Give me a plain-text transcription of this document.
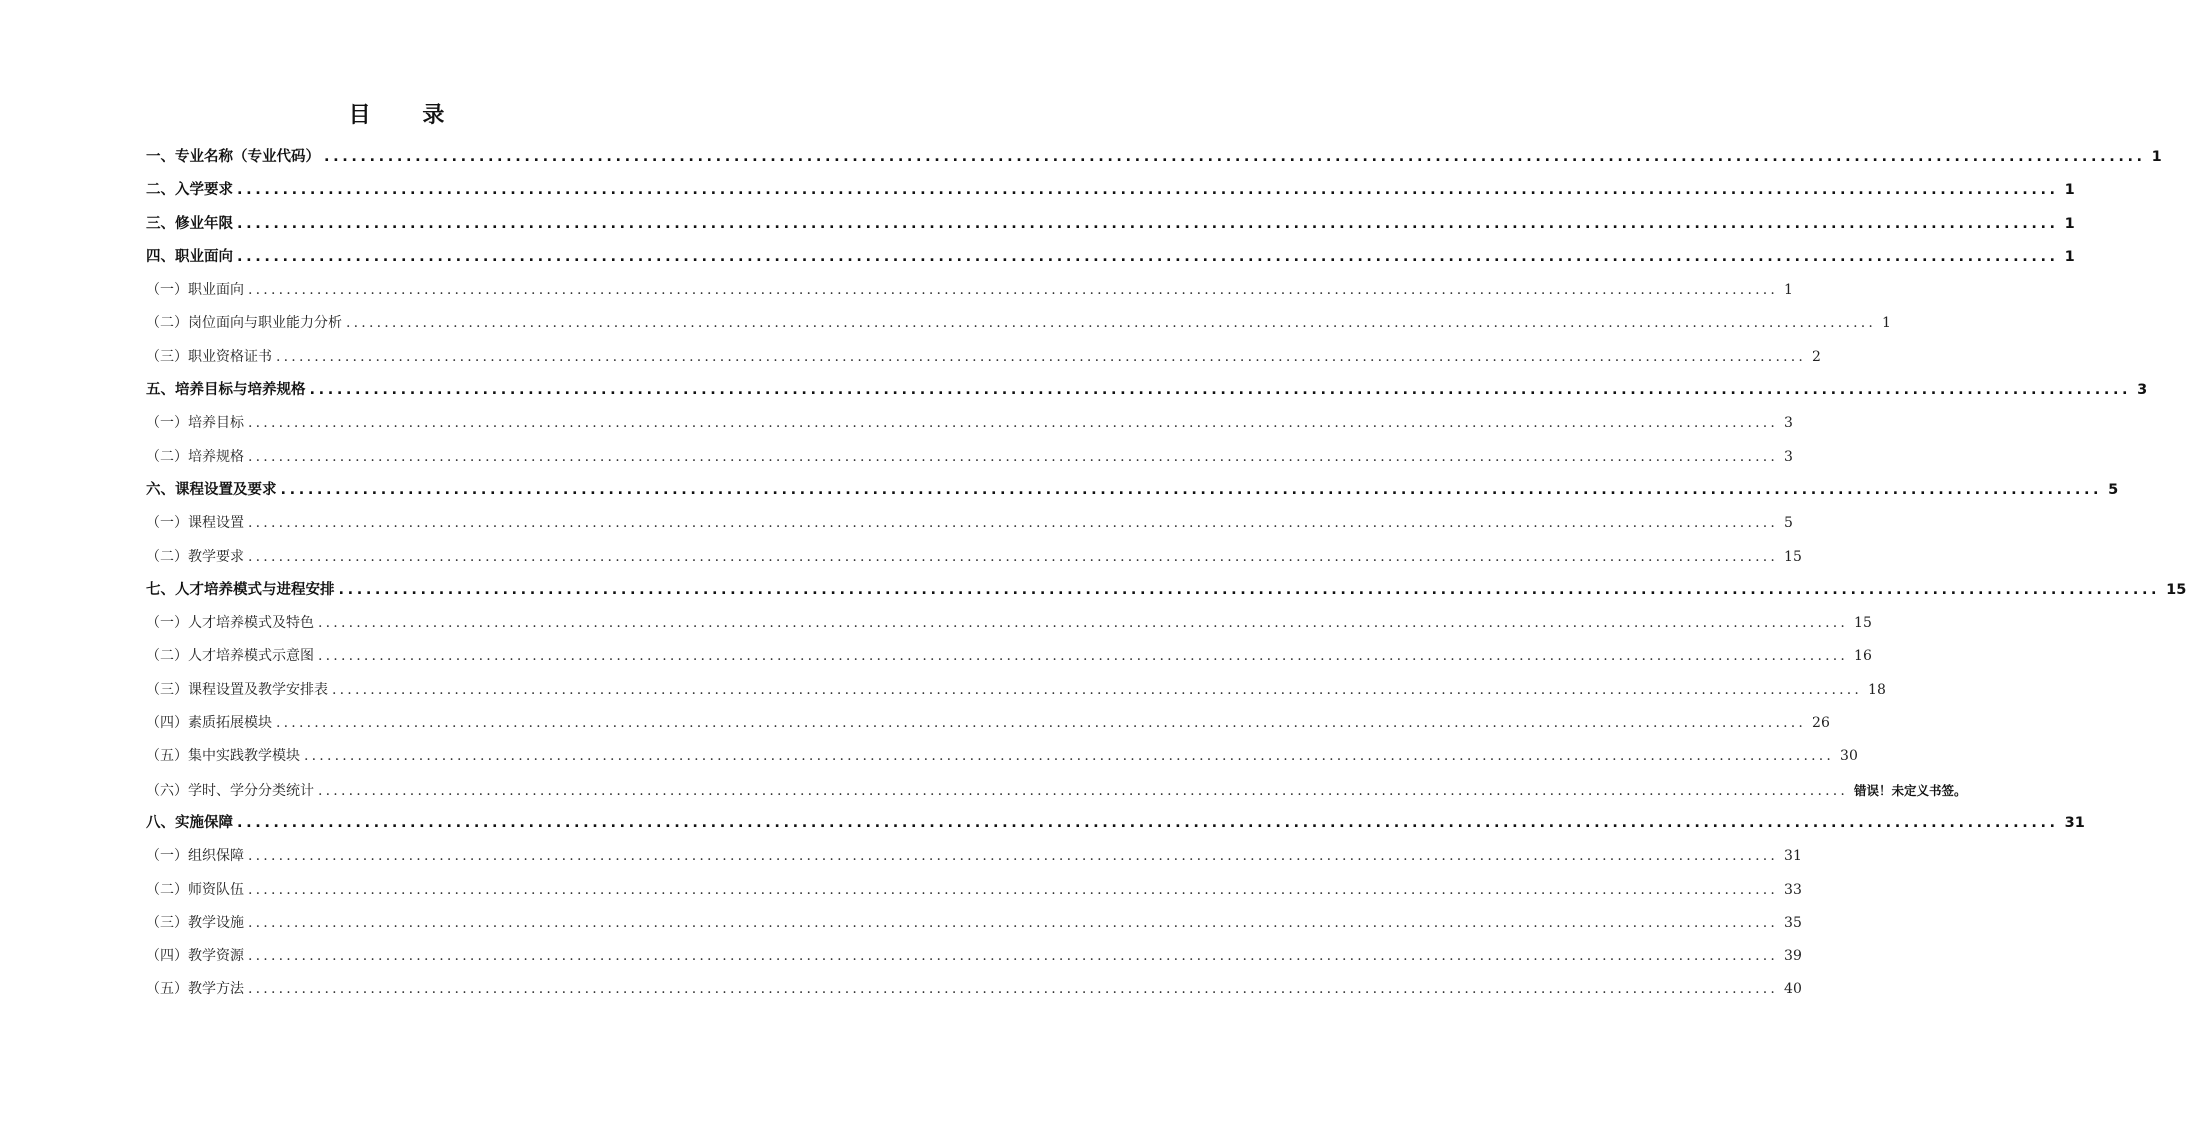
目 录
一、专业名称（专业代码） ........................................................................................................................................................................................................ 1
二、入学要求 ........................................................................................................................................................................................................ 1
三、修业年限 ........................................................................................................................................................................................................ 1
四、职业面向 ........................................................................................................................................................................................................ 1
（一）职业面向 ........................................................................................................................................................................................................ 1
（二）岗位面向与职业能力分析 ........................................................................................................................................................................................................ 1
（三）职业资格证书 ........................................................................................................................................................................................................ 2
五、培养目标与培养规格 ........................................................................................................................................................................................................ 3
（一）培养目标 ........................................................................................................................................................................................................ 3
（二）培养规格 ........................................................................................................................................................................................................ 3
六、课程设置及要求 ........................................................................................................................................................................................................ 5
（一）课程设置 ........................................................................................................................................................................................................ 5
（二）教学要求 ........................................................................................................................................................................................................ 15
七、人才培养模式与进程安排 ........................................................................................................................................................................................................ 15
（一）人才培养模式及特色 ........................................................................................................................................................................................................ 15
（二）人才培养模式示意图 ........................................................................................................................................................................................................ 16
（三）课程设置及教学安排表 ........................................................................................................................................................................................................ 18
（四）素质拓展模块 ........................................................................................................................................................................................................ 26
（五）集中实践教学模块 ........................................................................................................................................................................................................ 30
（六）学时、学分分类统计 ........................................................................................................................................................................................................ 错误！未定义书签。
八、实施保障 ........................................................................................................................................................................................................ 31
（一）组织保障 ........................................................................................................................................................................................................ 31
（二）师资队伍 ........................................................................................................................................................................................................ 33
（三）教学设施 ........................................................................................................................................................................................................ 35
（四）教学资源 ........................................................................................................................................................................................................ 39
（五）教学方法 ........................................................................................................................................................................................................ 40
